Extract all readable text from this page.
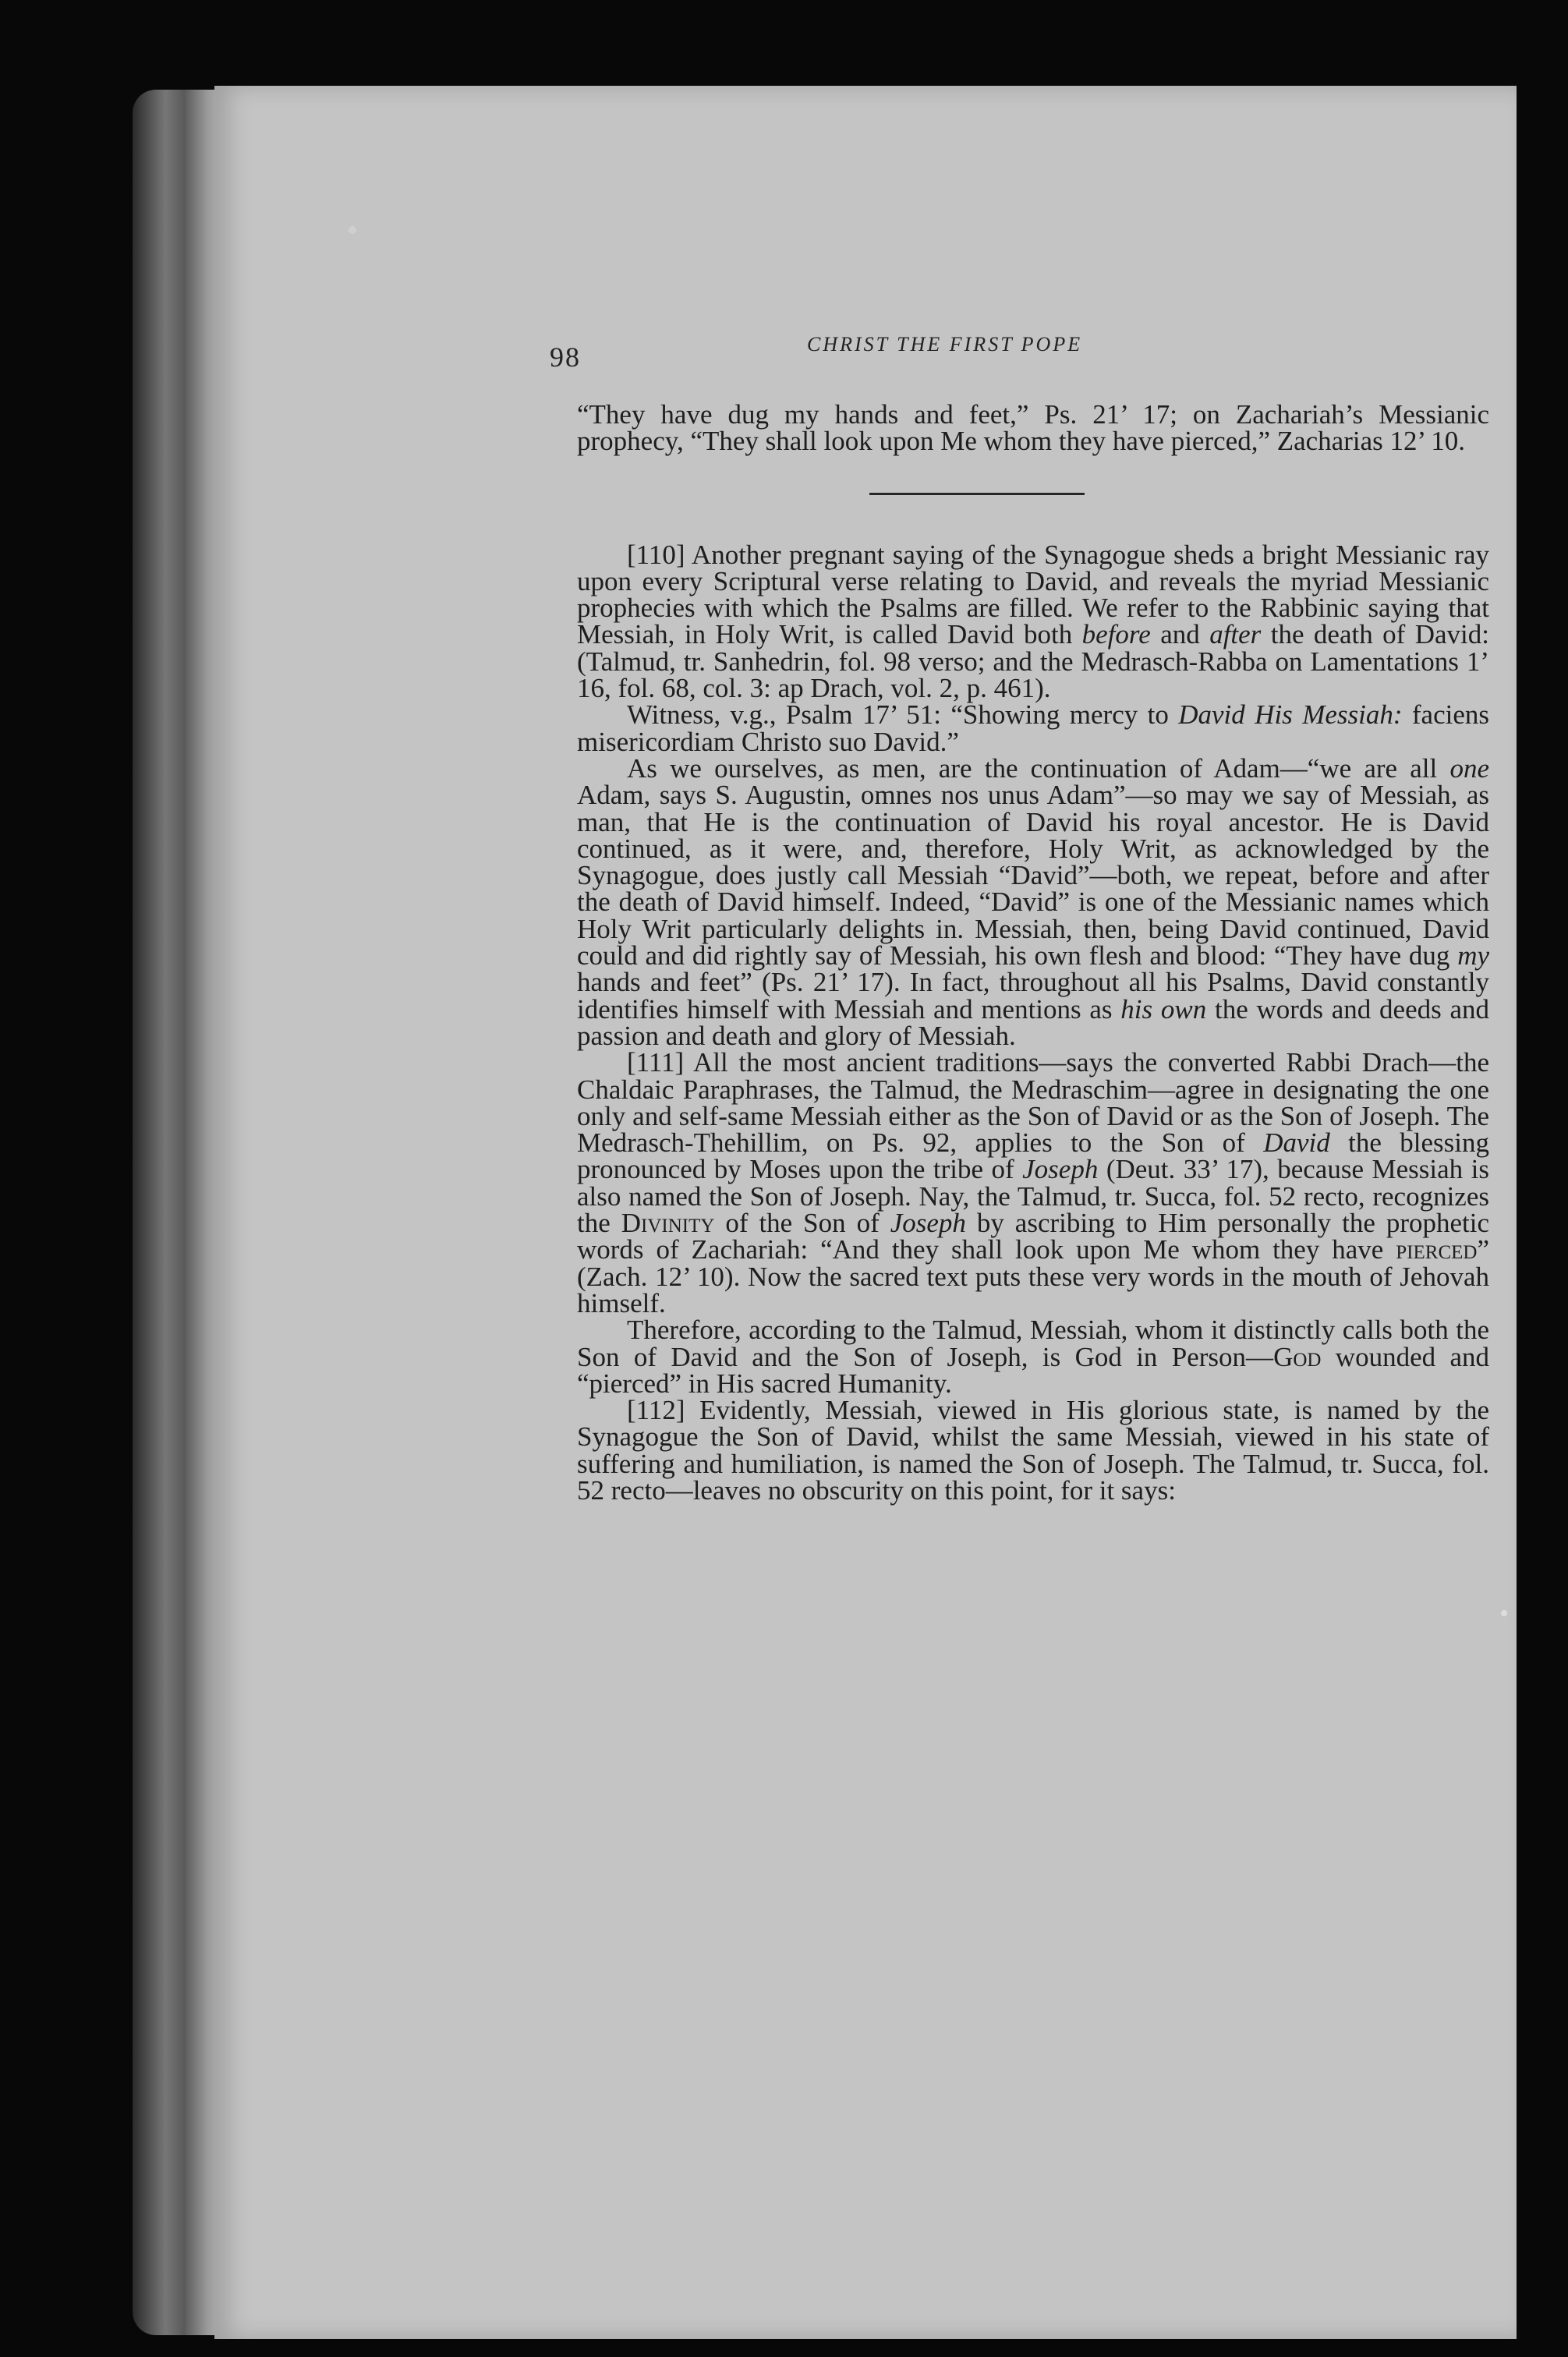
98	CHRIST THE FIRST POPE

“They have dug my hands and feet,” Ps. 21’ 17; on Zachariah’s Messianic prophecy, “They shall look upon Me whom they have pierced,” Zacharias 12’ 10.

[110] Another pregnant saying of the Synagogue sheds a bright Messianic ray upon every Scriptural verse relating to David, and reveals the myriad Messianic prophecies with which the Psalms are filled. We refer to the Rabbinic saying that Messiah, in Holy Writ, is called David both before and after the death of David: (Talmud, tr. Sanhedrin, fol. 98 verso; and the Medrasch-Rabba on Lamentations 1’ 16, fol. 68, col. 3: ap Drach, vol. 2, p. 461).

Witness, v.g., Psalm 17’ 51: “Showing mercy to David His Messiah: faciens misericordiam Christo suo David.”

As we ourselves, as men, are the continuation of Adam—“we are all one Adam, says S. Augustin, omnes nos unus Adam”—so may we say of Messiah, as man, that He is the continuation of David his royal ancestor. He is David continued, as it were, and, therefore, Holy Writ, as acknowledged by the Synagogue, does justly call Messiah “David”—both, we repeat, before and after the death of David himself. Indeed, “David” is one of the Messianic names which Holy Writ particularly delights in. Messiah, then, being David continued, David could and did rightly say of Messiah, his own flesh and blood: “They have dug my hands and feet” (Ps. 21’ 17). In fact, throughout all his Psalms, David constantly identifies himself with Messiah and mentions as his own the words and deeds and passion and death and glory of Messiah.

[111] All the most ancient traditions—says the converted Rabbi Drach—the Chaldaic Paraphrases, the Talmud, the Medraschim—agree in designating the one only and self-same Messiah either as the Son of David or as the Son of Joseph. The Medrasch-Thehillim, on Ps. 92, applies to the Son of David the blessing pronounced by Moses upon the tribe of Joseph (Deut. 33’ 17), because Messiah is also named the Son of Joseph. Nay, the Talmud, tr. Succa, fol. 52 recto, recognizes the Divinity of the Son of Joseph by ascribing to Him personally the prophetic words of Zachariah: “And they shall look upon Me whom they have pierced” (Zach. 12’ 10). Now the sacred text puts these very words in the mouth of Jehovah himself.

Therefore, according to the Talmud, Messiah, whom it distinctly calls both the Son of David and the Son of Joseph, is God in Person—God wounded and “pierced” in His sacred Humanity.

[112] Evidently, Messiah, viewed in His glorious state, is named by the Synagogue the Son of David, whilst the same Messiah, viewed in his state of suffering and humiliation, is named the Son of Joseph. The Talmud, tr. Succa, fol. 52 recto—leaves no obscurity on this point, for it says:
